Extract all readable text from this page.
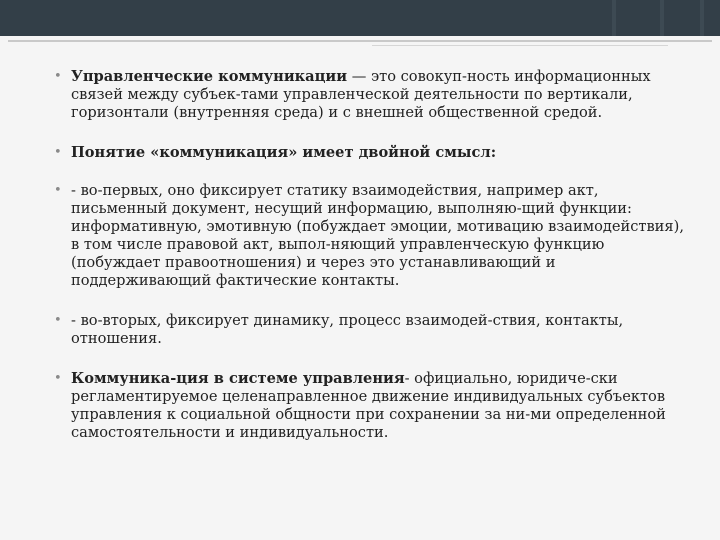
• Управленческие коммуникации — это совокуп-ность информационных связей между субъек-тами управленческой деятельности по вертикали, горизонтали (внутренняя среда) и с внешней общественной средой.
• Понятие «коммуникация» имеет двойной смысл:
• - во-первых, оно фиксирует статику взаимодействия, например акт, письменный документ, несущий информацию, выполняю-щий функции: информативную, эмотивную (побуждает эмоции, мотивацию взаимодействия), в том числе правовой акт, выпол-няющий управленческую функцию (побуждает правоотношения) и через это устанавливающий и поддерживающий фактические контакты.
• - во-вторых, фиксирует динамику, процесс взаимодей-ствия, контакты, отношения.
• Коммуника-ция в системе управления- официально, юридиче-ски регламентируемое целенаправленное движение индивидуальных субъектов управления к социальной общности при сохранении за ни-ми определенной самостоятельности и индивидуальности.
